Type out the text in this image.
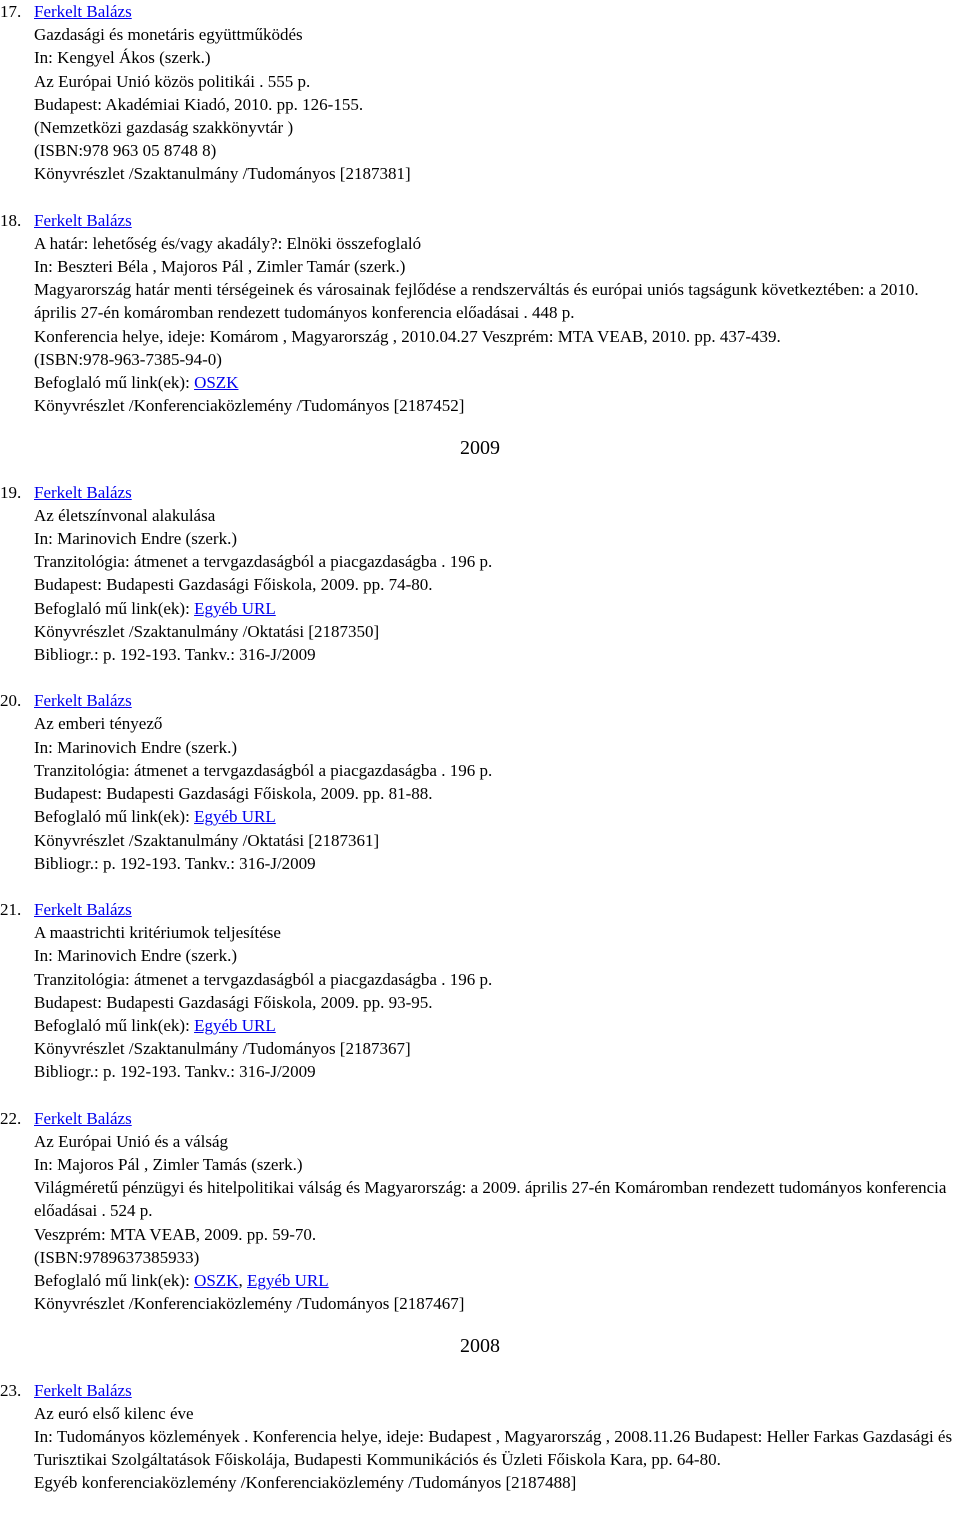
17. Ferkelt Balázs
Gazdasági és monetáris együttműködés
In: Kengyel Ákos (szerk.)
Az Európai Unió közös politikái . 555 p.
Budapest: Akadémiai Kiadó, 2010. pp. 126-155.
(Nemzetközi gazdaság szakkönyvtár )
(ISBN:978 963 05 8748 8)
Könyvrészlet /Szaktanulmány /Tudományos [2187381]
18. Ferkelt Balázs
A határ: lehetőség és/vagy akadály?: Elnöki összefoglaló
In: Beszteri Béla , Majoros Pál , Zimler Tamár (szerk.)
Magyarország határ menti térségeinek és városainak fejlődése a rendszerváltás és európai uniós tagságunk következtében: a 2010. április 27-én komáromban rendezett tudományos konferencia előadásai . 448 p.
Konferencia helye, ideje: Komárom , Magyarország , 2010.04.27 Veszprém: MTA VEAB, 2010. pp. 437-439.
(ISBN:978-963-7385-94-0)
Befoglaló mű link(ek): OSZK
Könyvrészlet /Konferenciaközlemény /Tudományos [2187452]
2009
19. Ferkelt Balázs
Az életszínvonal alakulása
In: Marinovich Endre (szerk.)
Tranzitológia: átmenet a tervgazdaságból a piacgazdaságba . 196 p.
Budapest: Budapesti Gazdasági Főiskola, 2009. pp. 74-80.
Befoglaló mű link(ek): Egyéb URL
Könyvrészlet /Szaktanulmány /Oktatási [2187350]
Bibliogr.: p. 192-193. Tankv.: 316-J/2009
20. Ferkelt Balázs
Az emberi tényező
In: Marinovich Endre (szerk.)
Tranzitológia: átmenet a tervgazdaságból a piacgazdaságba . 196 p.
Budapest: Budapesti Gazdasági Főiskola, 2009. pp. 81-88.
Befoglaló mű link(ek): Egyéb URL
Könyvrészlet /Szaktanulmány /Oktatási [2187361]
Bibliogr.: p. 192-193. Tankv.: 316-J/2009
21. Ferkelt Balázs
A maastrichti kritériumok teljesítése
In: Marinovich Endre (szerk.)
Tranzitológia: átmenet a tervgazdaságból a piacgazdaságba . 196 p.
Budapest: Budapesti Gazdasági Főiskola, 2009. pp. 93-95.
Befoglaló mű link(ek): Egyéb URL
Könyvrészlet /Szaktanulmány /Tudományos [2187367]
Bibliogr.: p. 192-193. Tankv.: 316-J/2009
22. Ferkelt Balázs
Az Európai Unió és a válság
In: Majoros Pál , Zimler Tamás (szerk.)
Világméretű pénzügyi és hitelpolitikai válság és Magyarország: a 2009. április 27-én Komáromban rendezett tudományos konferencia előadásai . 524 p.
Veszprém: MTA VEAB, 2009. pp. 59-70.
(ISBN:9789637385933)
Befoglaló mű link(ek): OSZK, Egyéb URL
Könyvrészlet /Konferenciaközlemény /Tudományos [2187467]
2008
23. Ferkelt Balázs
Az euró első kilenc éve
In: Tudományos közlemények . Konferencia helye, ideje: Budapest , Magyarország , 2008.11.26 Budapest: Heller Farkas Gazdasági és Turisztikai Szolgáltatások Főiskolája, Budapesti Kommunikációs és Üzleti Főiskola Kara, pp. 64-80.
Egyéb konferenciaközlemény /Konferenciaközlemény /Tudományos [2187488]
